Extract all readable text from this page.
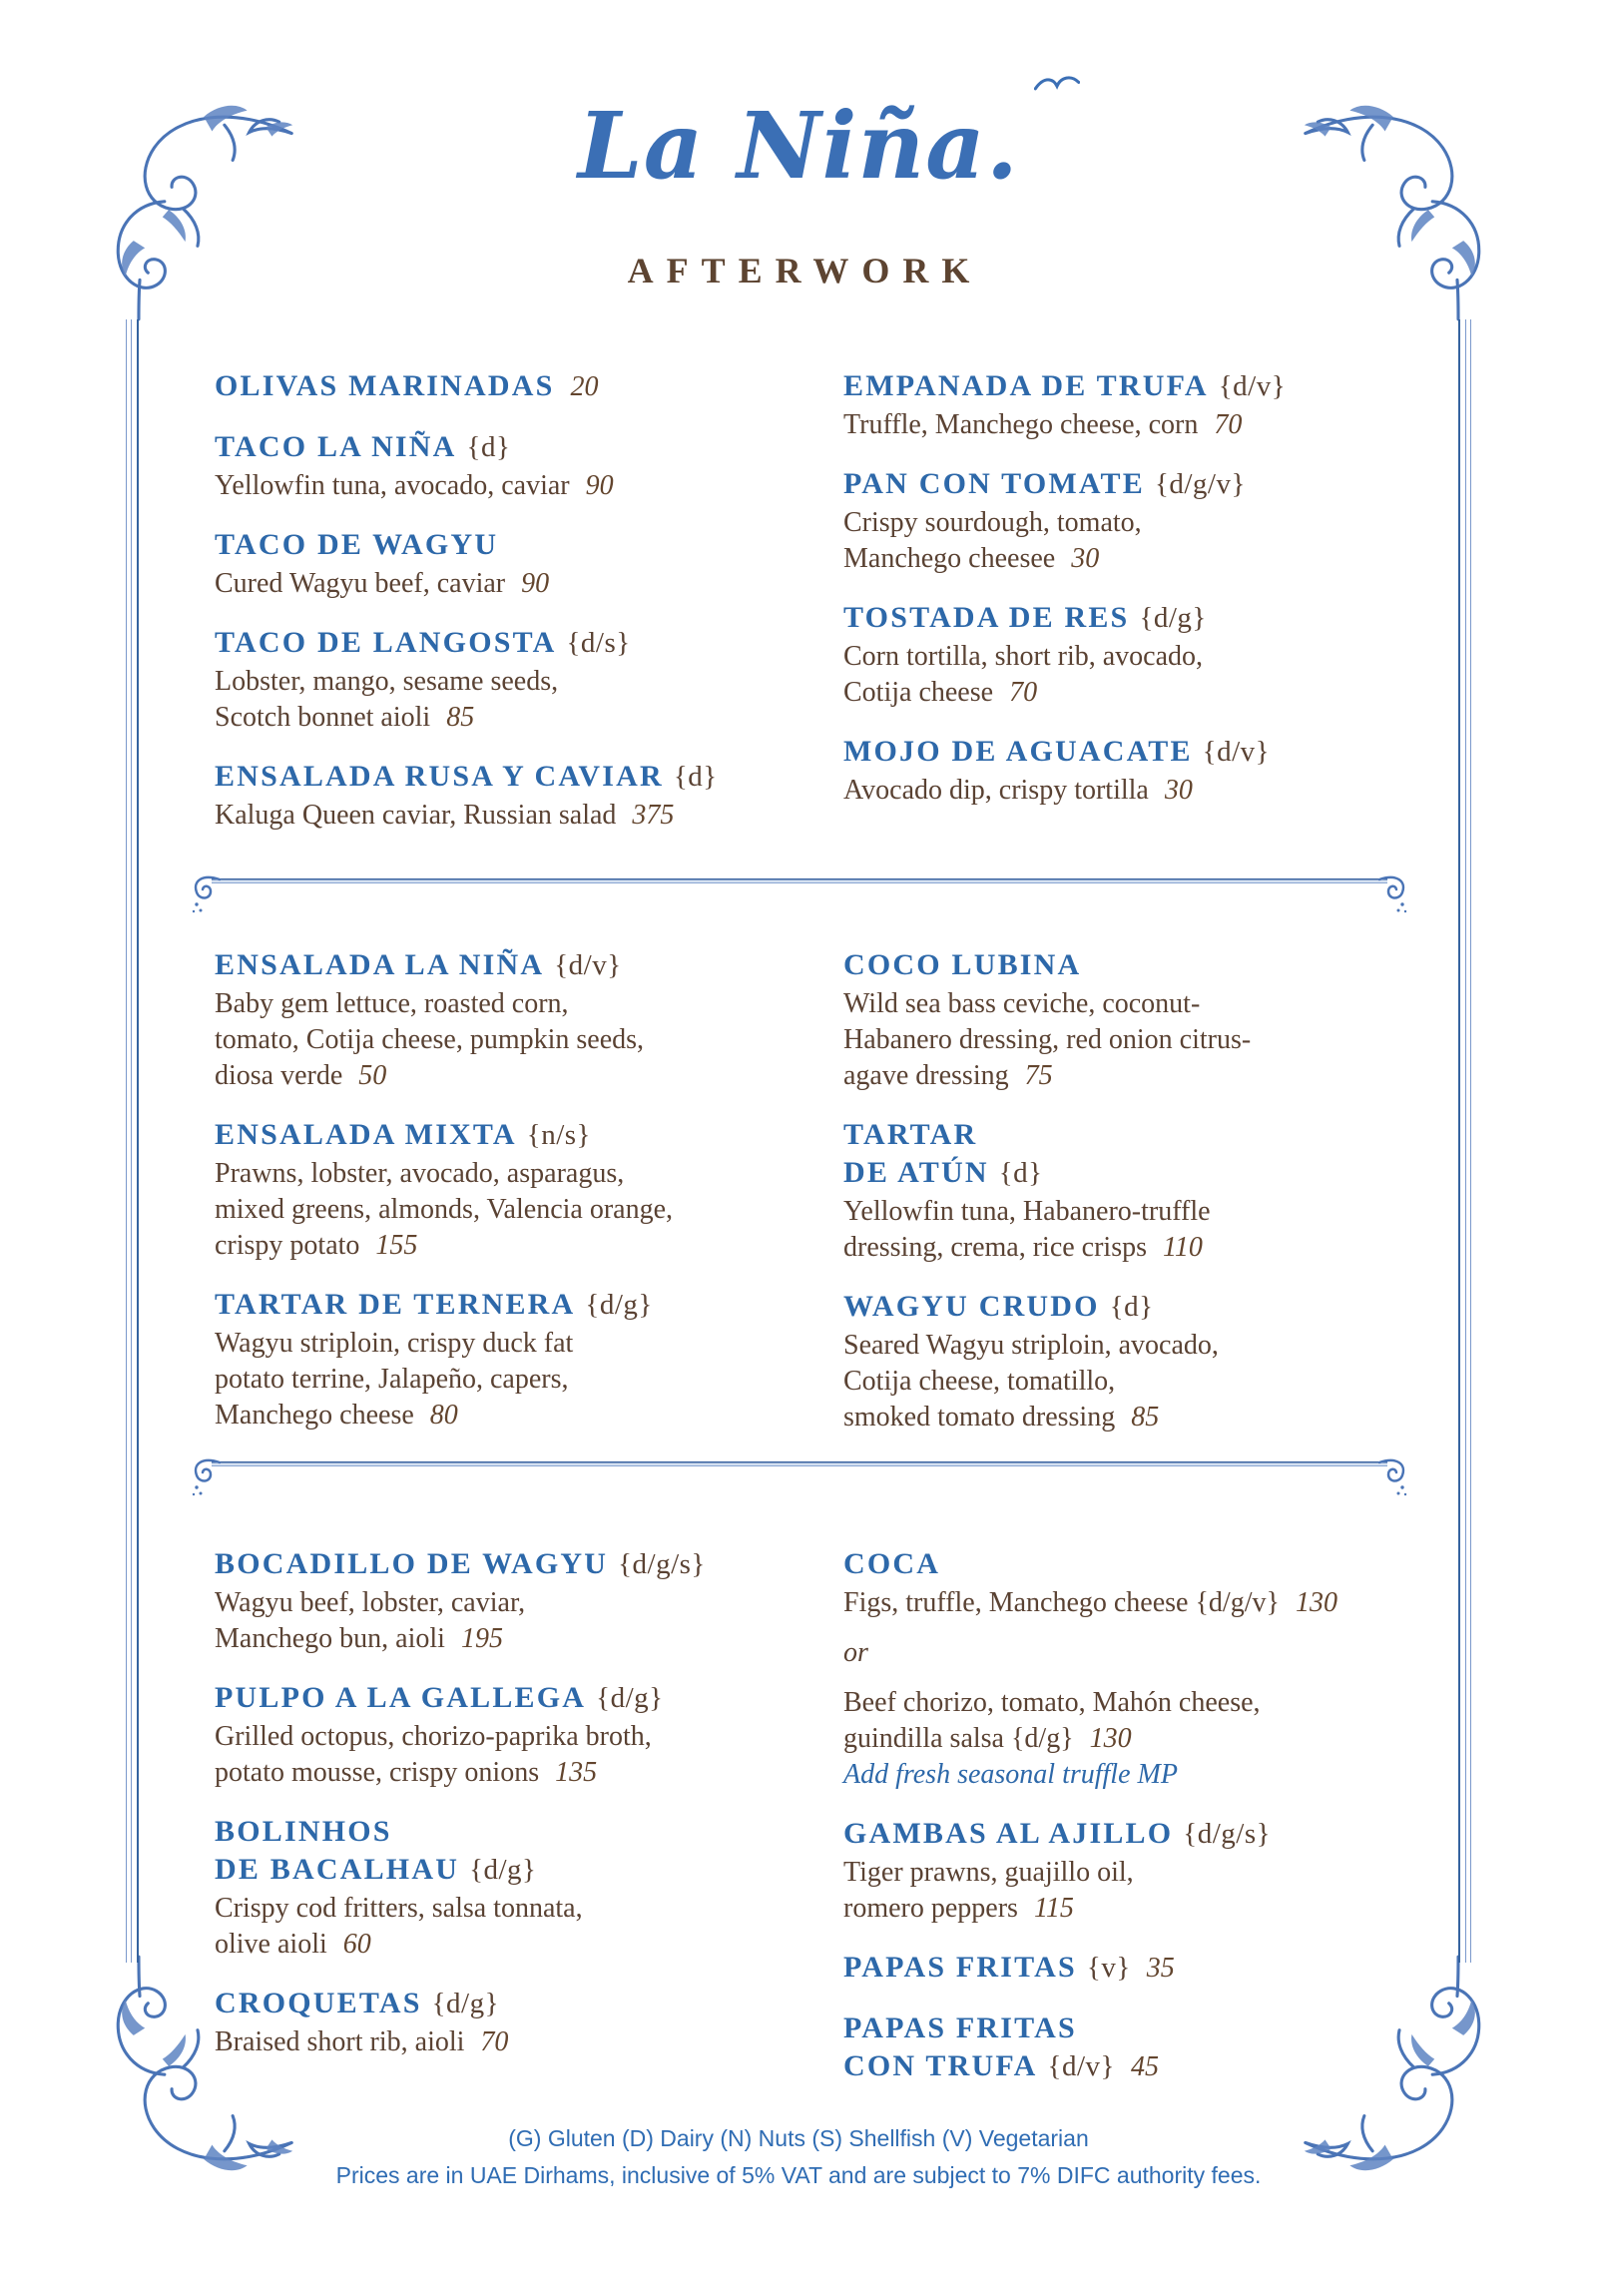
La Niña.
AFTERWORK
OLIVAS MARINADAS 20
TACO LA NIÑA {d}
Yellowfin tuna, avocado, caviar 90
TACO DE WAGYU
Cured Wagyu beef, caviar 90
TACO DE LANGOSTA {d/s}
Lobster, mango, sesame seeds,
Scotch bonnet aioli 85
ENSALADA RUSA Y CAVIAR {d}
Kaluga Queen caviar, Russian salad 375
EMPANADA DE TRUFA {d/v}
Truffle, Manchego cheese, corn 70
PAN CON TOMATE {d/g/v}
Crispy sourdough, tomato,
Manchego cheesee 30
TOSTADA DE RES {d/g}
Corn tortilla, short rib, avocado,
Cotija cheese 70
MOJO DE AGUACATE {d/v}
Avocado dip, crispy tortilla 30
ENSALADA LA NIÑA {d/v}
Baby gem lettuce, roasted corn,
tomato, Cotija cheese, pumpkin seeds,
diosa verde 50
ENSALADA MIXTA {n/s}
Prawns, lobster, avocado, asparagus,
mixed greens, almonds, Valencia orange,
crispy potato 155
TARTAR DE TERNERA {d/g}
Wagyu striploin, crispy duck fat
potato terrine, Jalapeño, capers,
Manchego cheese 80
COCO LUBINA
Wild sea bass ceviche, coconut-
Habanero dressing, red onion citrus-
agave dressing 75
TARTAR
DE ATÚN {d}
Yellowfin tuna, Habanero-truffle
dressing, crema, rice crisps 110
WAGYU CRUDO {d}
Seared Wagyu striploin, avocado,
Cotija cheese, tomatillo,
smoked tomato dressing 85
BOCADILLO DE WAGYU {d/g/s}
Wagyu beef, lobster, caviar,
Manchego bun, aioli 195
PULPO A LA GALLEGA {d/g}
Grilled octopus, chorizo-paprika broth,
potato mousse, crispy onions 135
BOLINHOS
DE BACALHAU {d/g}
Crispy cod fritters, salsa tonnata,
olive aioli 60
CROQUETAS {d/g}
Braised short rib, aioli 70
COCA
Figs, truffle, Manchego cheese {d/g/v} 130
or
Beef chorizo, tomato, Mahón cheese,
guindilla salsa {d/g} 130
Add fresh seasonal truffle MP
GAMBAS AL AJILLO {d/g/s}
Tiger prawns, guajillo oil,
romero peppers 115
PAPAS FRITAS {v} 35
PAPAS FRITAS
CON TRUFA {d/v} 45
(G) Gluten (D) Dairy (N) Nuts (S) Shellfish (V) Vegetarian
Prices are in UAE Dirhams, inclusive of 5% VAT and are subject to 7% DIFC authority fees.
